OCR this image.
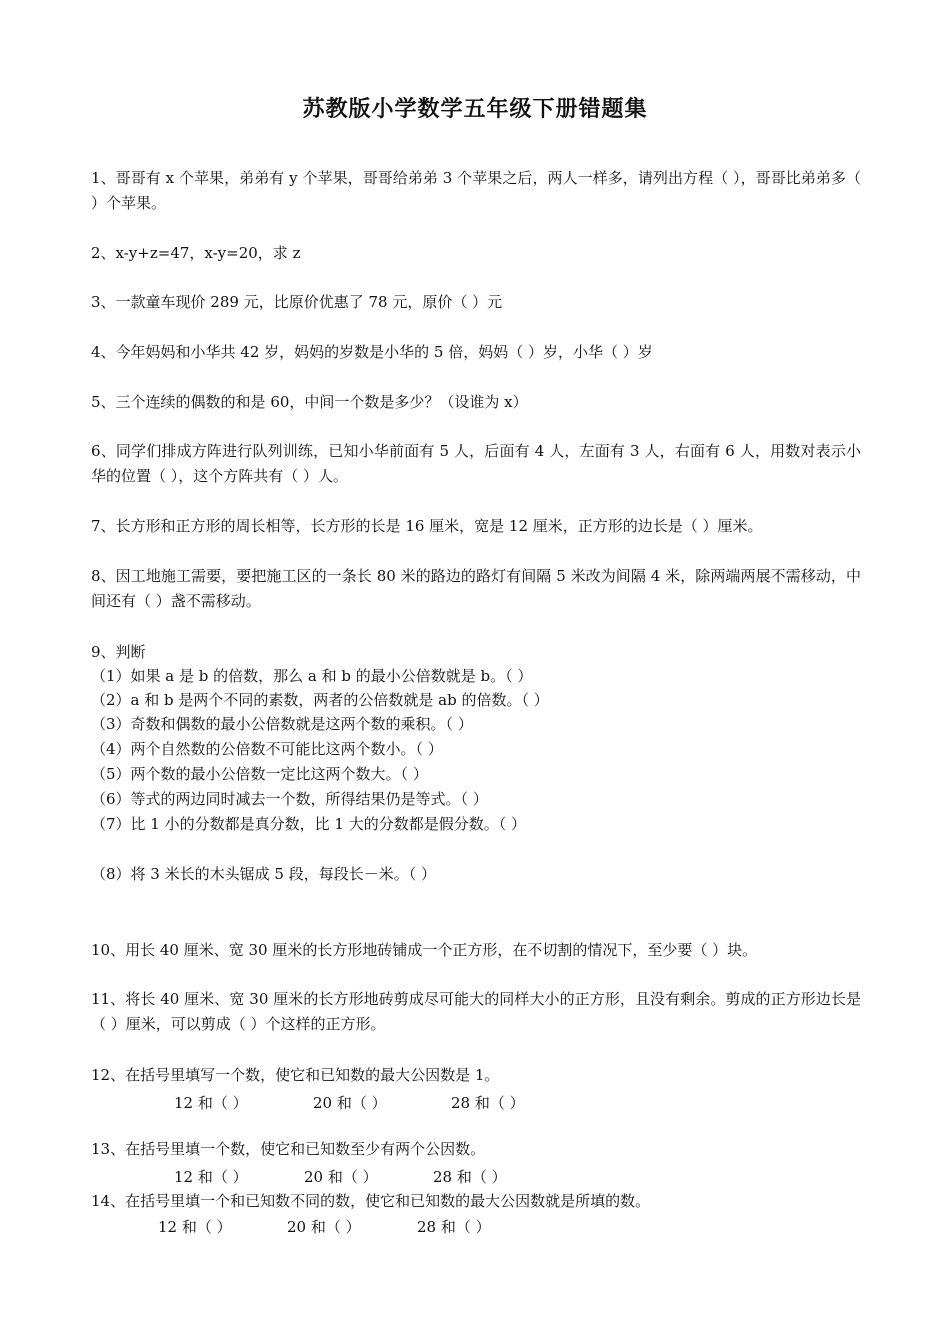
苏教版小学数学五年级下册错题集
1、哥哥有 x 个苹果，弟弟有 y 个苹果，哥哥给弟弟 3 个苹果之后，两人一样多，请列出方程（ ），哥哥比弟弟多（ ）个苹果。
2、x-y+z=47，x-y=20，求 z
3、一款童车现价 289 元，比原价优惠了 78 元，原价（ ）元
4、今年妈妈和小华共 42 岁，妈妈的岁数是小华的 5 倍，妈妈（ ）岁，小华（ ）岁
5、三个连续的偶数的和是 60，中间一个数是多少？（设谁为 x）
6、同学们排成方阵进行队列训练，已知小华前面有 5 人，后面有 4 人，左面有 3 人，右面有 6 人，用数对表示小华的位置（ ），这个方阵共有（ ）人。
7、长方形和正方形的周长相等，长方形的长是 16 厘米，宽是 12 厘米，正方形的边长是（ ）厘米。
8、因工地施工需要，要把施工区的一条长 80 米的路边的路灯有间隔 5 米改为间隔 4 米，除两端两展不需移动，中间还有（ ）盏不需移动。
9、判断
（1）如果 a 是 b 的倍数，那么 a 和 b 的最小公倍数就是 b。（ ）
（2）a 和 b 是两个不同的素数，两者的公倍数就是 ab 的倍数。（ ）
（3）奇数和偶数的最小公倍数就是这两个数的乘积。（ ）
（4）两个自然数的公倍数不可能比这两个数小。（ ）
（5）两个数的最小公倍数一定比这两个数大。（ ）
（6）等式的两边同时减去一个数，所得结果仍是等式。（ ）
（7）比 1 小的分数都是真分数，比 1 大的分数都是假分数。（ ）
（8）将 3 米长的木头锯成 5 段，每段长－米。（ ）
10、用长 40 厘米、宽 30 厘米的长方形地砖铺成一个正方形，在不切割的情况下，至少要（ ）块。
11、将长 40 厘米、宽 30 厘米的长方形地砖剪成尽可能大的同样大小的正方形，且没有剩余。剪成的正方形边长是（ ）厘米，可以剪成（ ）个这样的正方形。
12、在括号里填写一个数，使它和已知数的最大公因数是 1。
12 和（ ）	20 和（ ）	28 和（ ）
13、在括号里填一个数，使它和已知数至少有两个公因数。
12 和（ ）	20 和（ ）	28 和（ ）
14、在括号里填一个和已知数不同的数，使它和已知数的最大公因数就是所填的数。
12 和（ ）	20 和（ ）	28 和（ ）
